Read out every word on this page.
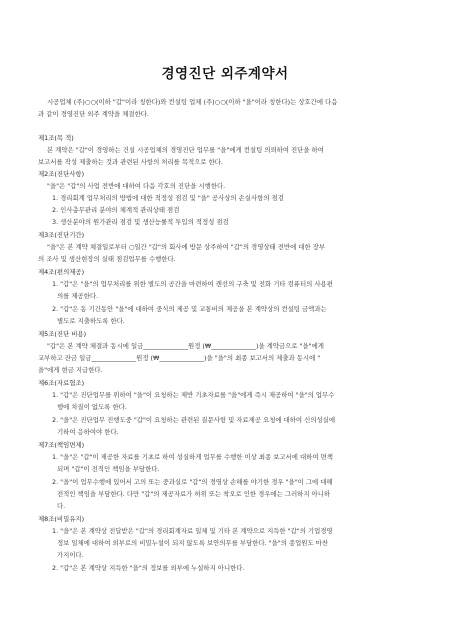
경영진단 외주계약서
시공업체 (주)○○(이하 "갑"이라 칭한다)와 컨설팅 업체 (주)○○(이하 "을"이라 칭한다)는 상호간에 다음
과 같이 경영진단 외주 계약을 체결한다.
제1조(목 적)
본 계약은 "갑"이 경영하는 건설 시공업체의 경영진단 업무를 "을"에게 컨설팅 의뢰하여 진단을 하여
보고서를 작성 제출하는 것과 관련된 사항의 처리를 목적으로 한다.
제2조(진단사항)
"을"은 "갑"의 사업 전반에 대하여 다음 각호의 진단을 시행한다.
1. 경리회계 업무처리의 방법에 대한 적정성 점검 및 "을" 공사상의 손실사항의 점검
2. 인사총무관리 분야의 체계적 관리상태 점검
3. 생산분야의 원가관리 점검 및 생산능률적 투입의 적정성 점검
제3조(진단기간)
"을"은 본 계약 체결일로부터 ○일간 "갑"의 회사에 방문 상주하여 "갑"의 경영상태 전반에 대한 장부
의 조사 및 생산현장의 실태 점검업무를 수행한다.
제4조(편의제공)
1. "갑"은 "을"의 업무처리를 위한 별도의 공간을 마련하여 캔선의 구축 및 전화 기타 컴퓨터의 사용편
의를 제공한다.
2. "갑"은 동 기간동안 "을"에 대하여 중식의 제공 및 교통비의 제공을 본 계약상의 컨설팅 금액과는
별도로 지출하도록 한다.
제5조(진단 비용)
"갑"은 본 계약 체결과 동시에 일금______________원정 (₩______________)을 계약금으로 "을"에게
교부하고 잔금 일금______________원정 (₩______________)을 "을"의 최종 보고서의 제출과 동시에 "
을"에게 현금 지급한다.
제6조(자료협조)
1. "갑"은 진단업무를 위하여 "을"이 요청하는 제반 기초자료를 "을"에게 즉시 제공하여 "을"의 업무수
행에 차질이 없도록 한다.
2. "을"은 진단업무 진행도중 "갑"이 요청하는 관련된 질문사항 및 자료제공 요청에 대하여 신의성실에
기하여 응하여야 한다.
제7조(책임면제)
1. "을"은 "갑"이 제공한 자료를 기초로 하여 성실하게 업무를 수행한 이상 최종 보고서에 대하여 면책
되며 "갑"이 전적인 책임을 부담한다.
2. "을"이 업무수행에 있어서 고의 또는 중과실로 "갑"의 경영상 손해를 야기한 경우 "을"이 그에 대해
전적인 책임을 부담한다. 다만 "갑"의 제공자료가 허위 또는 착오로 인한 경우에는 그러하지 아니하
다.
제8조(비밀유지)
1. "을"은 본 계약상 전달받은 "갑"의 경리회계자료 일체 및 기타 본 계약으로 지득한 "갑"의 기업경영
정보 일체에 대하여 외부로의 비밀누설이 되지 않도록 보안의무를 부담한다. "을"의 종업원도 마찬
가지이다.
2. "갑"은 본 계약상 지득한 "을"의 정보를 외부에 누설하지 아니한다.
